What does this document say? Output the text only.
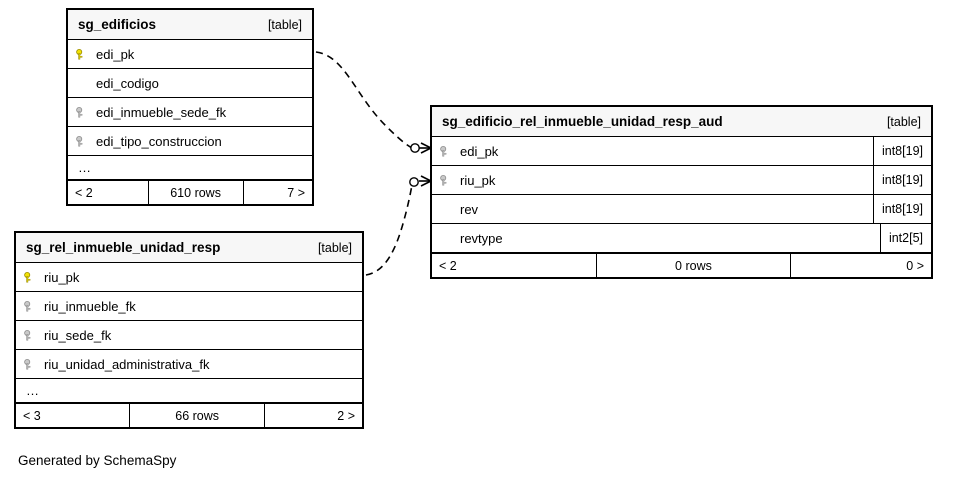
sg_edificios	[table]
edi_pk
edi_codigo
edi_inmueble_sede_fk
edi_tipo_construccion
…
< 2	610 rows	7 >
sg_edificio_rel_inmueble_unidad_resp_aud	[table]
edi_pk	int8[19]
riu_pk	int8[19]
rev	int8[19]
revtype	int2[5]
< 2	0 rows	0 >
sg_rel_inmueble_unidad_resp	[table]
riu_pk
riu_inmueble_fk
riu_sede_fk
riu_unidad_administrativa_fk
…
< 3	66 rows	2 >
Generated by SchemaSpy
